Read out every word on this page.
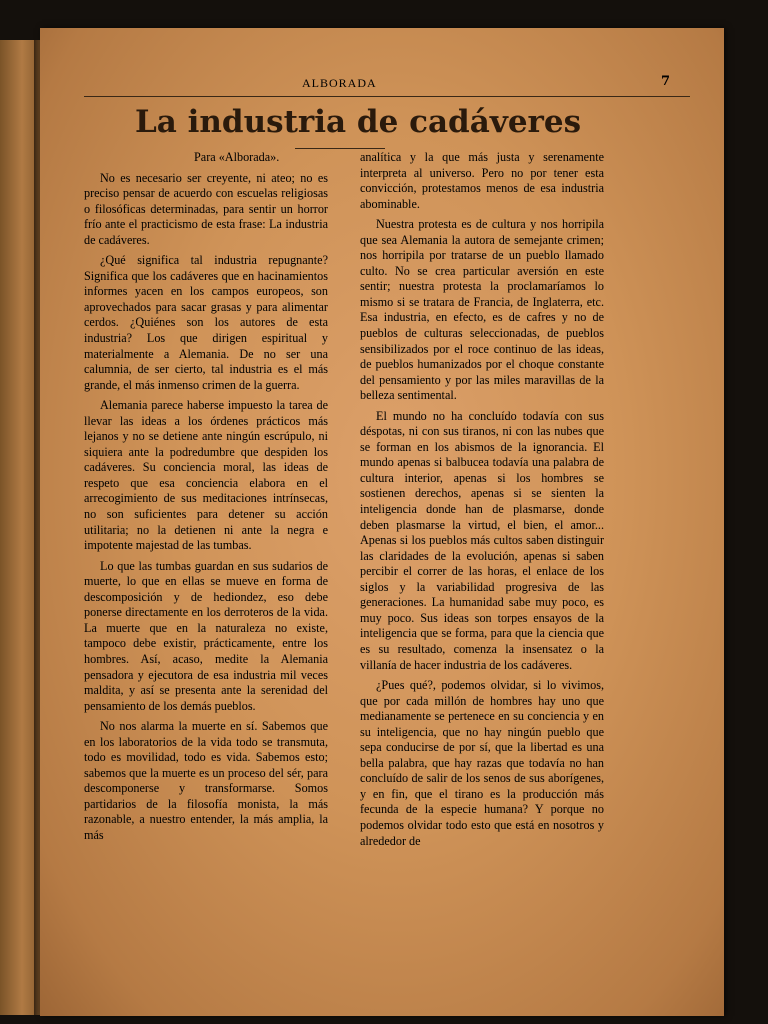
ALBORADA	7
La industria de cadáveres

Para «Alborada».

No es necesario ser creyente, ni ateo; no es preciso pensar de acuerdo con escuelas religiosas o filosóficas determinadas, para sentir un horror frío ante el practicismo de esta frase: La industria de cadáveres.

¿Qué significa tal industria repugnante? Significa que los cadáveres que en hacinamientos informes yacen en los campos europeos, son aprovechados para sacar grasas y para alimentar cerdos. ¿Quiénes son los autores de esta industria? Los que dirigen espiritual y materialmente a Alemania. De no ser una calumnia, de ser cierto, tal industria es el más grande, el más inmenso crimen de la guerra.

Alemania parece haberse impuesto la tarea de llevar las ideas a los órdenes prácticos más lejanos y no se detiene ante ningún escrúpulo, ni siquiera ante la podredumbre que despiden los cadáveres. Su conciencia moral, las ideas de respeto que esa conciencia elabora en el arrecogimiento de sus meditaciones intrínsecas, no son suficientes para detener su acción utilitaria; no la detienen ni ante la negra e impotente majestad de las tumbas.

Lo que las tumbas guardan en sus sudarios de muerte, lo que en ellas se mueve en forma de descomposición y de hediondez, eso debe ponerse directamente en los derroteros de la vida. La muerte que en la naturaleza no existe, tampoco debe existir, prácticamente, entre los hombres. Así, acaso, medite la Alemania pensadora y ejecutora de esa industria mil veces maldita, y así se presenta ante la serenidad del pensamiento de los demás pueblos.

No nos alarma la muerte en sí. Sabemos que en los laboratorios de la vida todo se transmuta, todo es movilidad, todo es vida. Sabemos esto; sabemos que la muerte es un proceso del sér, para descomponerse y transformarse. Somos partidarios de la filosofía monista, la más razonable, a nuestro entender, la más amplia, la más

analítica y la que más justa y serenamente interpreta al universo. Pero no por tener esta convicción, protestamos menos de esa industria abominable.

Nuestra protesta es de cultura y nos horripila que sea Alemania la autora de semejante crimen; nos horripila por tratarse de un pueblo llamado culto. No se crea particular aversión en este sentir; nuestra protesta la proclamaríamos lo mismo si se tratara de Francia, de Inglaterra, etc. Esa industria, en efecto, es de cafres y no de pueblos de culturas seleccionadas, de pueblos sensibilizados por el roce continuo de las ideas, de pueblos humanizados por el choque constante del pensamiento y por las miles maravillas de la belleza sentimental.

El mundo no ha concluído todavía con sus déspotas, ni con sus tiranos, ni con las nubes que se forman en los abismos de la ignorancia. El mundo apenas si balbucea todavía una palabra de cultura interior, apenas si los hombres se sostienen derechos, apenas si se sienten la inteligencia donde han de plasmarse, donde deben plasmarse la virtud, el bien, el amor... Apenas si los pueblos más cultos saben distinguir las claridades de la evolución, apenas si saben percibir el correr de las horas, el enlace de los siglos y la variabilidad progresiva de las generaciones. La humanidad sabe muy poco, es muy poco. Sus ideas son torpes ensayos de la inteligencia que se forma, para que la ciencia que es su resultado, comenza la insensatez o la villanía de hacer industria de los cadáveres.

¿Pues qué?, podemos olvidar, si lo vivimos, que por cada millón de hombres hay uno que medianamente se pertenece en su conciencia y en su inteligencia, que no hay ningún pueblo que sepa conducirse de por sí, que la libertad es una bella palabra, que hay razas que todavía no han concluído de salir de los senos de sus aborígenes, y en fin, que el tirano es la producción más fecunda de la especie humana? Y porque no podemos olvidar todo esto que está en nosotros y alrededor de
